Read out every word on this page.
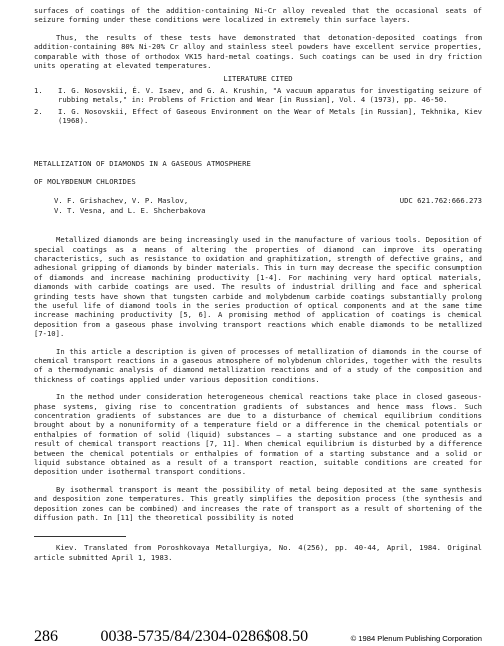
surfaces of coatings of the addition-containing Ni-Cr alloy revealed that the occasional seats of seizure forming under these conditions were localized in extremely thin surface layers.

Thus, the results of these tests have demonstrated that detonation-deposited coatings from addition-containing 80% Ni-20% Cr alloy and stainless steel powders have excellent service properties, comparable with those of orthodox VK15 hard-metal coatings. Such coatings can be used in dry friction units operating at elevated temperatures.

LITERATURE CITED

1.	I. G. Nosovskii, É. V. Isaev, and G. A. Krushin, "A vacuum apparatus for investigating seizure of rubbing metals," in: Problems of Friction and Wear [in Russian], Vol. 4 (1973), pp. 46-50.
2.	I. G. Nosovskii, Effect of Gaseous Environment on the Wear of Metals [in Russian], Tekhnika, Kiev (1968).

METALLIZATION OF DIAMONDS IN A GASEOUS ATMOSPHERE

OF MOLYBDENUM CHLORIDES

V. F. Grishachev, V. P. Maslov,
V. T. Vesna, and L. E. Shcherbakova
UDC 621.762:666.273

Metallized diamonds are being increasingly used in the manufacture of various tools. Deposition of special coatings as a means of altering the properties of diamond can improve its operating characteristics, such as resistance to oxidation and graphitization, strength of defective grains, and adhesional gripping of diamonds by binder materials. This in turn may decrease the specific consumption of diamonds and increase machining productivity [1-4]. For machining very hard optical materials, diamonds with carbide coatings are used. The results of industrial drilling and face and spherical grinding tests have shown that tungsten carbide and molybdenum carbide coatings substantially prolong the useful life of diamond tools in the series production of optical components and at the same time increase machining productivity [5, 6]. A promising method of application of coatings is chemical deposition from a gaseous phase involving transport reactions which enable diamonds to be metallized [7-10].

In this article a description is given of processes of metallization of diamonds in the course of chemical transport reactions in a gaseous atmosphere of molybdenum chlorides, together with the results of a thermodynamic analysis of diamond metallization reactions and of a study of the composition and thickness of coatings applied under various deposition conditions.

In the method under consideration heterogeneous chemical reactions take place in closed gaseous-phase systems, giving rise to concentration gradients of substances and hence mass flows. Such concentration gradients of substances are due to a disturbance of chemical equilibrium conditions brought about by a nonuniformity of a temperature field or a difference in the chemical potentials or enthalpies of formation of solid (liquid) substances — a starting substance and one produced as a result of chemical transport reactions [7, 11]. When chemical equilibrium is disturbed by a difference between the chemical potentials or enthalpies of formation of a starting substance and a solid or liquid substance obtained as a result of a transport reaction, suitable conditions are created for deposition under isothermal transport conditions.

By isothermal transport is meant the possibility of metal being deposited at the same synthesis and desposition zone temperatures. This greatly simplifies the deposition process (the synthesis and deposition zones can be combined) and increases the rate of transport as a result of shortening of the diffusion path. In [11] the theoretical possibility is noted

Kiev. Translated from Poroshkovaya Metallurgiya, No. 4(256), pp. 40-44, April, 1984. Original article submitted April 1, 1983.

286	0038-5735/84/2304-0286$08.50	© 1984 Plenum Publishing Corporation
